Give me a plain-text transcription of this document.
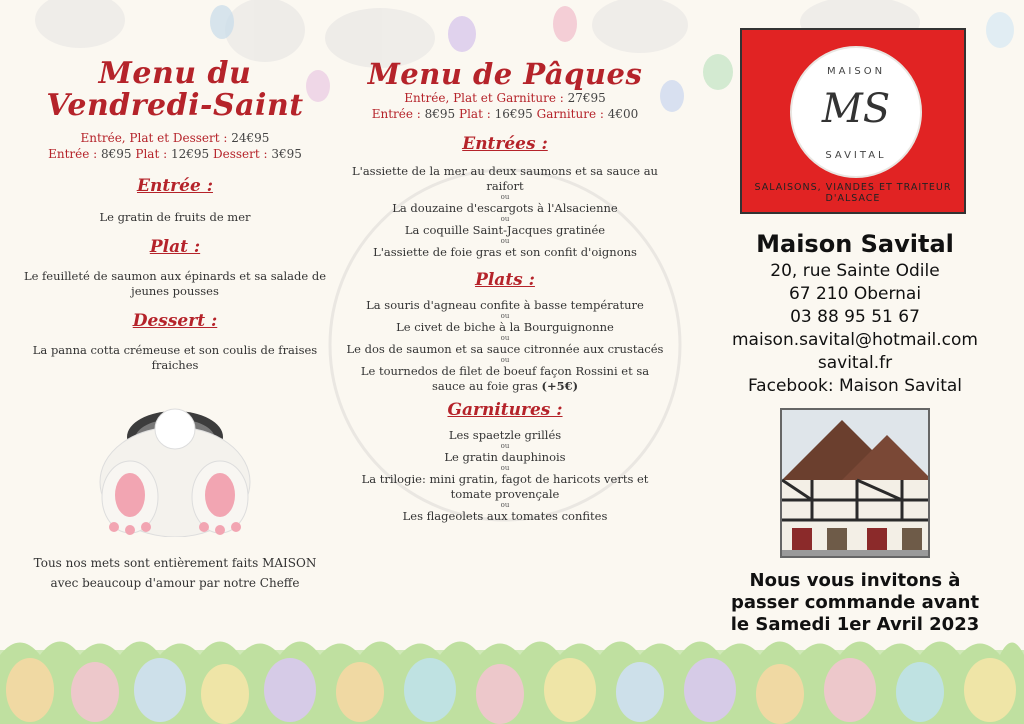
Menu du
Vendredi-Saint
Entrée, Plat et Dessert : 24€95
Entrée : 8€95 Plat : 12€95 Dessert : 3€95
Entrée :
Le gratin de fruits de mer
Plat :
Le feuilleté de saumon aux épinards et sa salade de jeunes pousses
Dessert :
La panna cotta crémeuse et son coulis de fraises fraiches
Tous nos mets sont entièrement faits MAISON
avec beaucoup d'amour par notre Cheffe
Menu de Pâques
Entrée, Plat et Garniture : 27€95
Entrée : 8€95 Plat : 16€95 Garniture : 4€00
Entrées :
L'assiette de la mer au deux saumons et sa sauce au raifort
ou
La douzaine d'escargots à l'Alsacienne
ou
La coquille Saint-Jacques gratinée
ou
L'assiette de foie gras et son confit d'oignons
Plats :
La souris d'agneau confite à basse température
ou
Le civet de biche à la Bourguignonne
ou
Le dos de saumon et sa sauce citronnée aux crustacés
ou
Le tournedos de filet de boeuf façon Rossini et sa sauce au foie gras (+5€)
Garnitures :
Les spaetzle grillés
ou
Le gratin dauphinois
ou
La trilogie: mini gratin, fagot de haricots verts et tomate provençale
ou
Les flageolets aux tomates confites
MAISON
MS
SAVITAL
SALAISONS, VIANDES ET TRAITEUR D'ALSACE
Maison Savital
20, rue Sainte Odile
67 210 Obernai
03 88 95 51 67
maison.savital@hotmail.com
savital.fr
Facebook: Maison Savital
Nous vous invitons à
passer commande avant
le Samedi 1er Avril 2023
